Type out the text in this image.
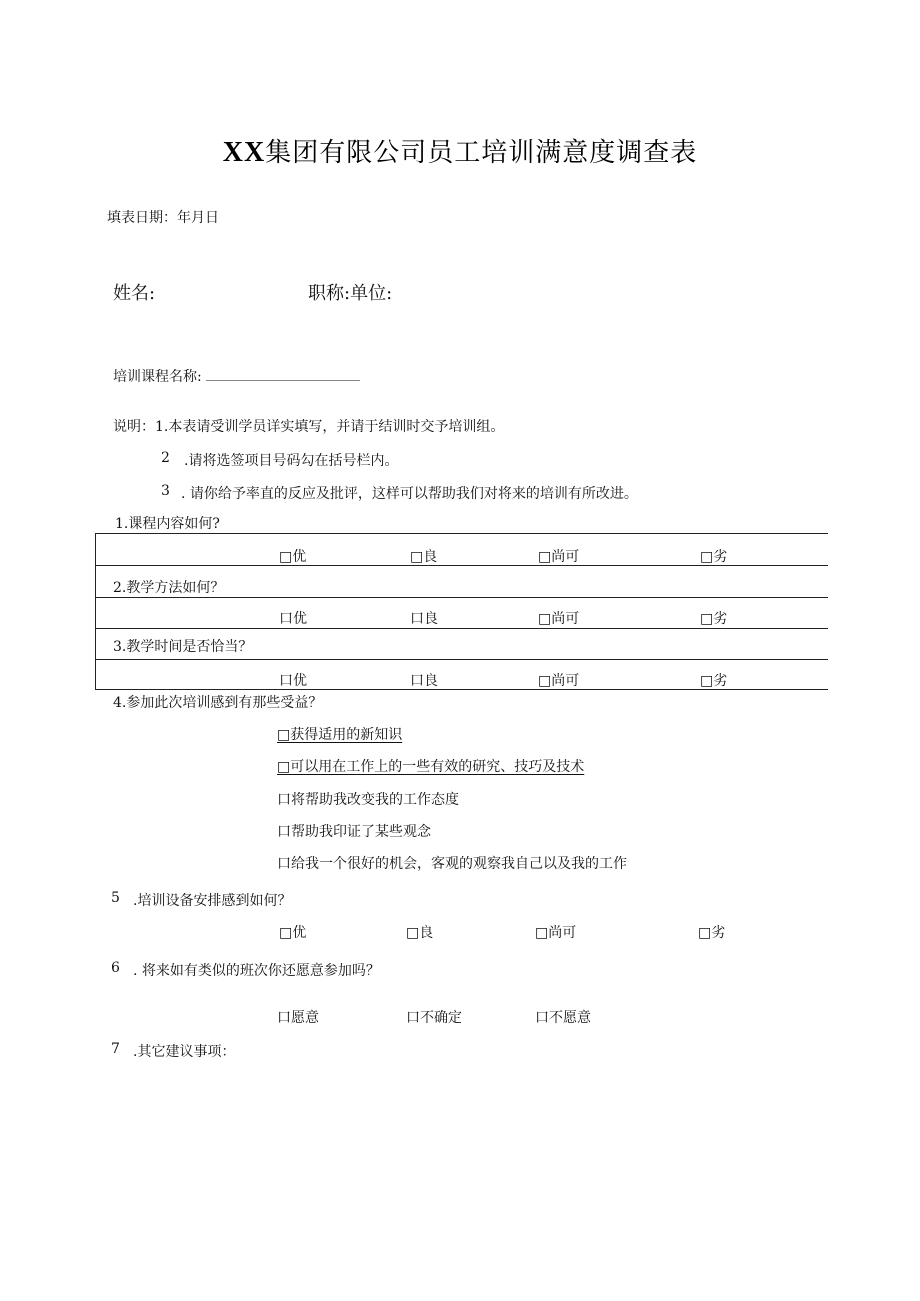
XX集团有限公司员工培训满意度调查表
填表日期：年月日
姓名:	职称:单位:
培训课程名称:
说明：1.本表请受训学员详实填写，并请于结训时交予培训组。
2 .请将选签项目号码勾在括号栏内。
3 . 请你给予率直的反应及批评，这样可以帮助我们对将来的培训有所改进。
1.课程内容如何?
□优	□良	□尚可	□劣
2.教学方法如何？
口优	口良	□尚可	□劣
3.教学时间是否恰当？
口优	口良	□尚可	□劣
4.参加此次培训感到有那些受益？
□获得适用的新知识
□可以用在工作上的一些有效的研究、技巧及技术
口将帮助我改变我的工作态度
口帮助我印证了某些观念
口给我一个很好的机会，客观的观察我自己以及我的工作
5 .培训设备安排感到如何？
□优	□良	□尚可	□劣
6 . 将来如有类似的班次你还愿意参加吗？
口愿意	口不确定	口不愿意
7 .其它建议事项：
